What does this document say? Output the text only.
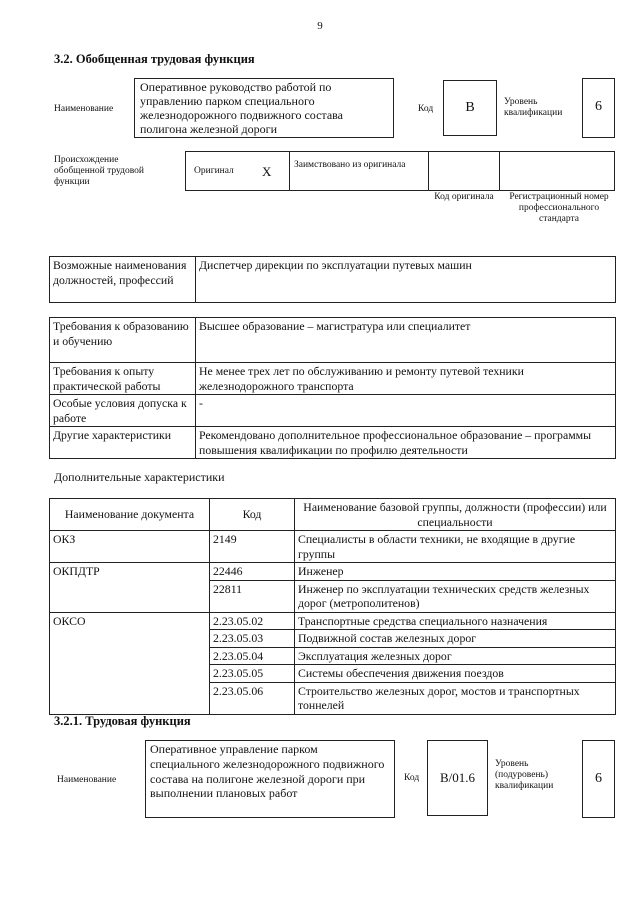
9
3.2. Обобщенная трудовая функция
Наименование
Оперативное руководство работой по управлению парком специального железнодорожного подвижного состава полигона железной дороги
Код	В	Уровень квалификации	6
Происхождение обобщенной трудовой функции
Оригинал X Заимствовано из оригинала
Код оригинала	Регистрационный номер профессионального стандарта
Возможные наименования должностей, профессий	Диспетчер дирекции по эксплуатации путевых машин
Требования к образованию и обучению	Высшее образование – магистратура или специалитет
Требования к опыту практической работы	Не менее трех лет по обслуживанию и ремонту путевой техники железнодорожного транспорта
Особые условия допуска к работе	-
Другие характеристики	Рекомендовано дополнительное профессиональное образование – программы повышения квалификации по профилю деятельности
Дополнительные характеристики
Наименование документа	Код	Наименование базовой группы, должности (профессии) или специальности
ОКЗ	2149	Специалисты в области техники, не входящие в другие группы
ОКПДТР	22446	Инженер
	22811	Инженер по эксплуатации технических средств железных дорог (метрополитенов)
ОКСО	2.23.05.02	Транспортные средства специального назначения
	2.23.05.03	Подвижной состав железных дорог
	2.23.05.04	Эксплуатация железных дорог
	2.23.05.05	Системы обеспечения движения поездов
	2.23.05.06	Строительство железных дорог, мостов и транспортных тоннелей
3.2.1. Трудовая функция
Наименование
Оперативное управление парком специального железнодорожного подвижного состава на полигоне железной дороги при выполнении плановых работ
Код	B/01.6
Уровень (подуровень) квалификации	6
